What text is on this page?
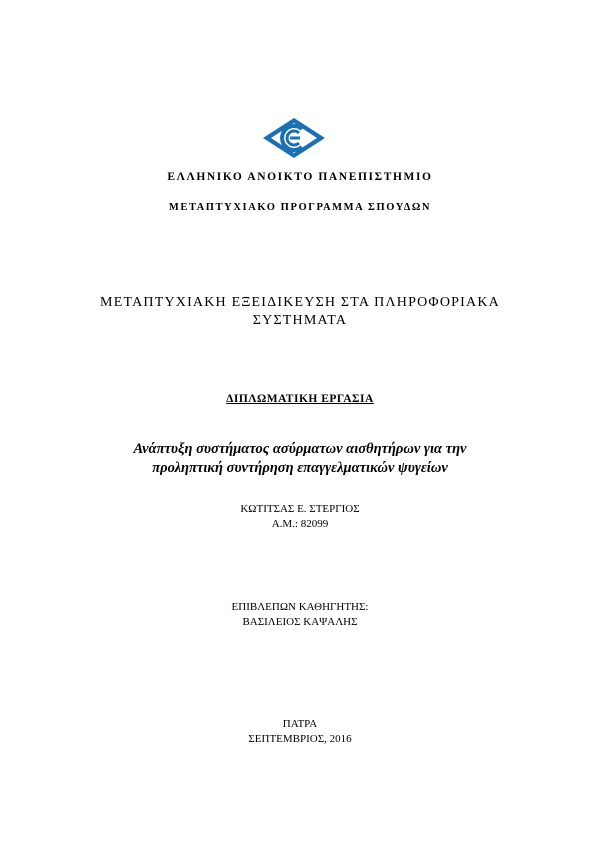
ΕΛΛΗΝΙΚΟ ΑΝΟΙΚΤΟ ΠΑΝΕΠΙΣΤΗΜΙΟ
ΜΕΤΑΠΤΥΧΙΑΚΟ ΠΡΟΓΡΑΜΜΑ ΣΠΟΥΔΩΝ
ΜΕΤΑΠΤΥΧΙΑΚΗ ΕΞΕΙΔΙΚΕΥΣΗ ΣΤΑ ΠΛΗΡΟΦΟΡΙΑΚΑ
ΣΥΣΤΗΜΑΤΑ
ΔΙΠΛΩΜΑΤΙΚΗ ΕΡΓΑΣΙΑ
Ανάπτυξη συστήματος ασύρματων αισθητήρων για την
προληπτική συντήρηση επαγγελματικών ψυγείων
ΚΩΤΙΤΣΑΣ Ε. ΣΤΕΡΓΙΟΣ
Α.Μ.: 82099
ΕΠΙΒΛΕΠΩΝ ΚΑΘΗΓΗΤΗΣ:
ΒΑΣΙΛΕΙΟΣ ΚΑΨΑΛΗΣ
ΠΑΤΡΑ
ΣΕΠΤΕΜΒΡΙΟΣ, 2016
